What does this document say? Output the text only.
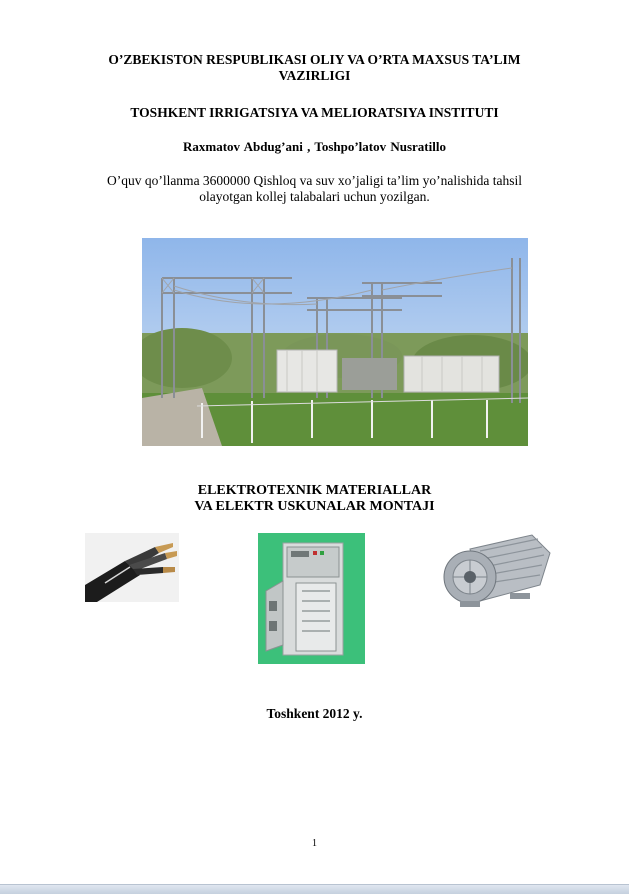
O’ZBEKISTON RESPUBLIKASI OLIY VA O’RTA MAXSUS TA’LIM VAZIRLIGI
TOSHKENT IRRIGATSIYA VA MELIORATSIYA INSTITUTI
Raxmatov Abdug’ani , Toshpo’latov Nusratillo
O’quv qo’llanma 3600000 Qishloq va suv xo’jaligi ta’lim yo’nalishida tahsil olayotgan kollej talabalari uchun yozilgan.
ELEKTROTEXNIK MATERIALLAR
VA ELEKTR USKUNALAR MONTAJI
Toshkent 2012 y.
1
